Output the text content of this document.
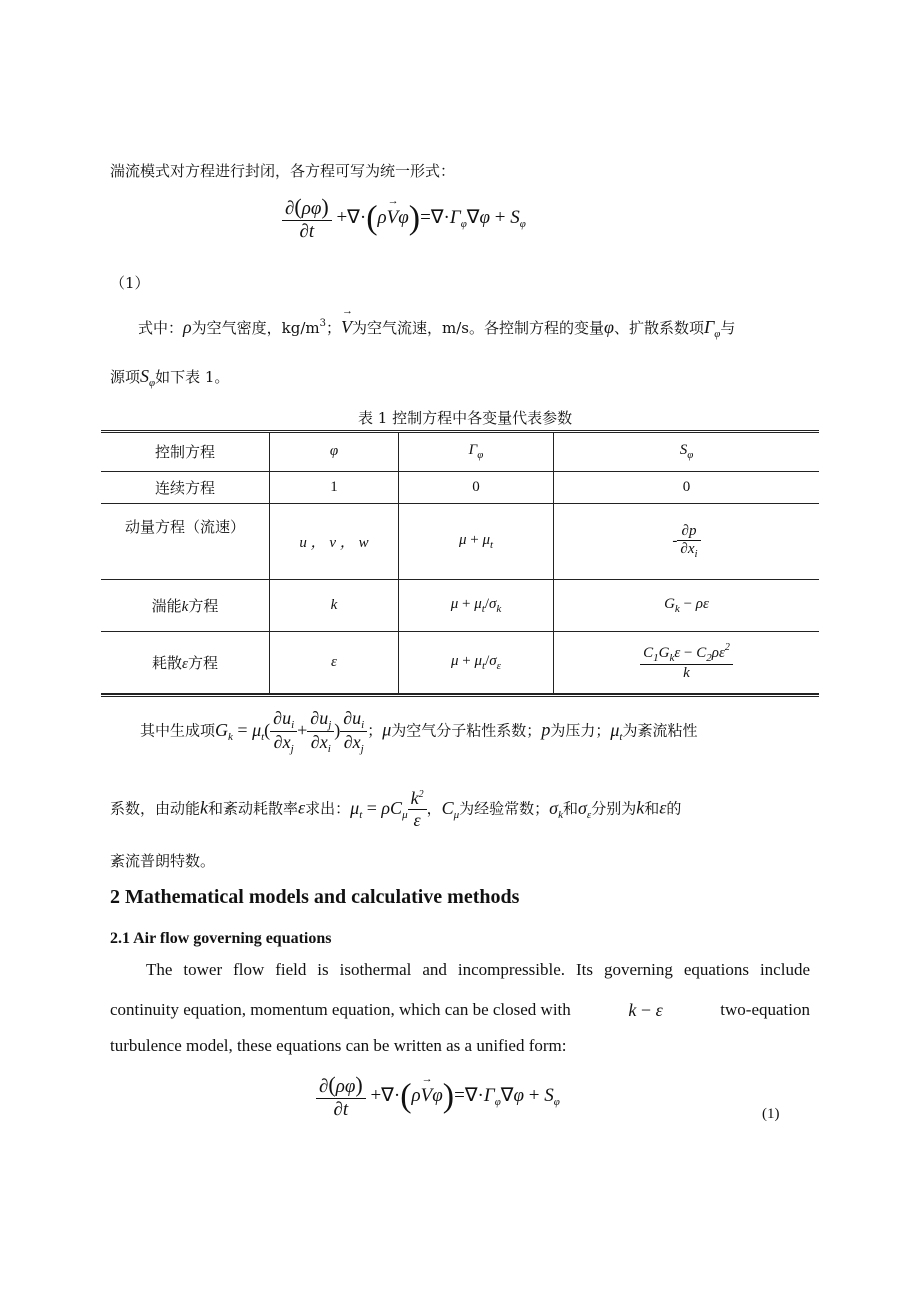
湍流模式对方程进行封闭，各方程可写为统一形式：
$\frac{\partial(\rho\varphi)}{\partial t} +\nabla\cdot(\rho\to V\varphi)=\nabla\cdot\Gamma_\varphi\nabla\varphi + S_\varphi$
（1）
式中：ρ为空气密度，$kg/m^3$；→ V为空气流速，m/s。各控制方程的变量φ、扩散系数项$\Gamma_\varphi$与
源项$S_\varphi$如下表 1。
表 1 控制方程中各变量代表参数
控制方程	φ	$\Gamma_\varphi$	$S_\varphi$
连续方程	1	0	0
动量方程（流速）	u ， v ， w	$\mu + \mu_t$	- $\frac{\partial p}{\partial x_i}$

湍能k方程	k	$\mu + \mu_t/\sigma_k$	$G_k - \rho\varepsilon$
耗散ε方程	ε	$\mu + \mu_t/\sigma_\varepsilon$	$\frac{C_1G_k\varepsilon - C_2\rho\varepsilon^2}{k}$
其中生成项$G_k = \mu_t( \frac{\partial u_i}{\partial x_j} + \frac{\partial u_j}{\partial x_i}$ ) $\frac{\partial u_i}{\partial x_j}$ ；μ为空气分子粘性系数；p为压力；$\mu_t$为紊流粘性
系数，由动能k和紊动耗散率ε求出：$\mu_t = \rho C_\mu \frac{k^2}{\varepsilon}$ ，$C_\mu$为经验常数；$\sigma_k$和$\sigma_\varepsilon$分别为k和ε的
紊流普朗特数。
2 Mathematical models and calculative methods
2.1 Air flow governing equations
The tower flow field is isothermal and incompressible. Its governing equations include
continuity equation, momentum equation, which can be closed with	k − ε	two-equation
turbulence model, these equations can be written as a unified form:
$\frac{\partial(\rho\varphi)}{\partial t} +\nabla\cdot(\rho\to V\varphi)=\nabla\cdot\Gamma_\varphi\nabla\varphi + S_\varphi$
(1)
